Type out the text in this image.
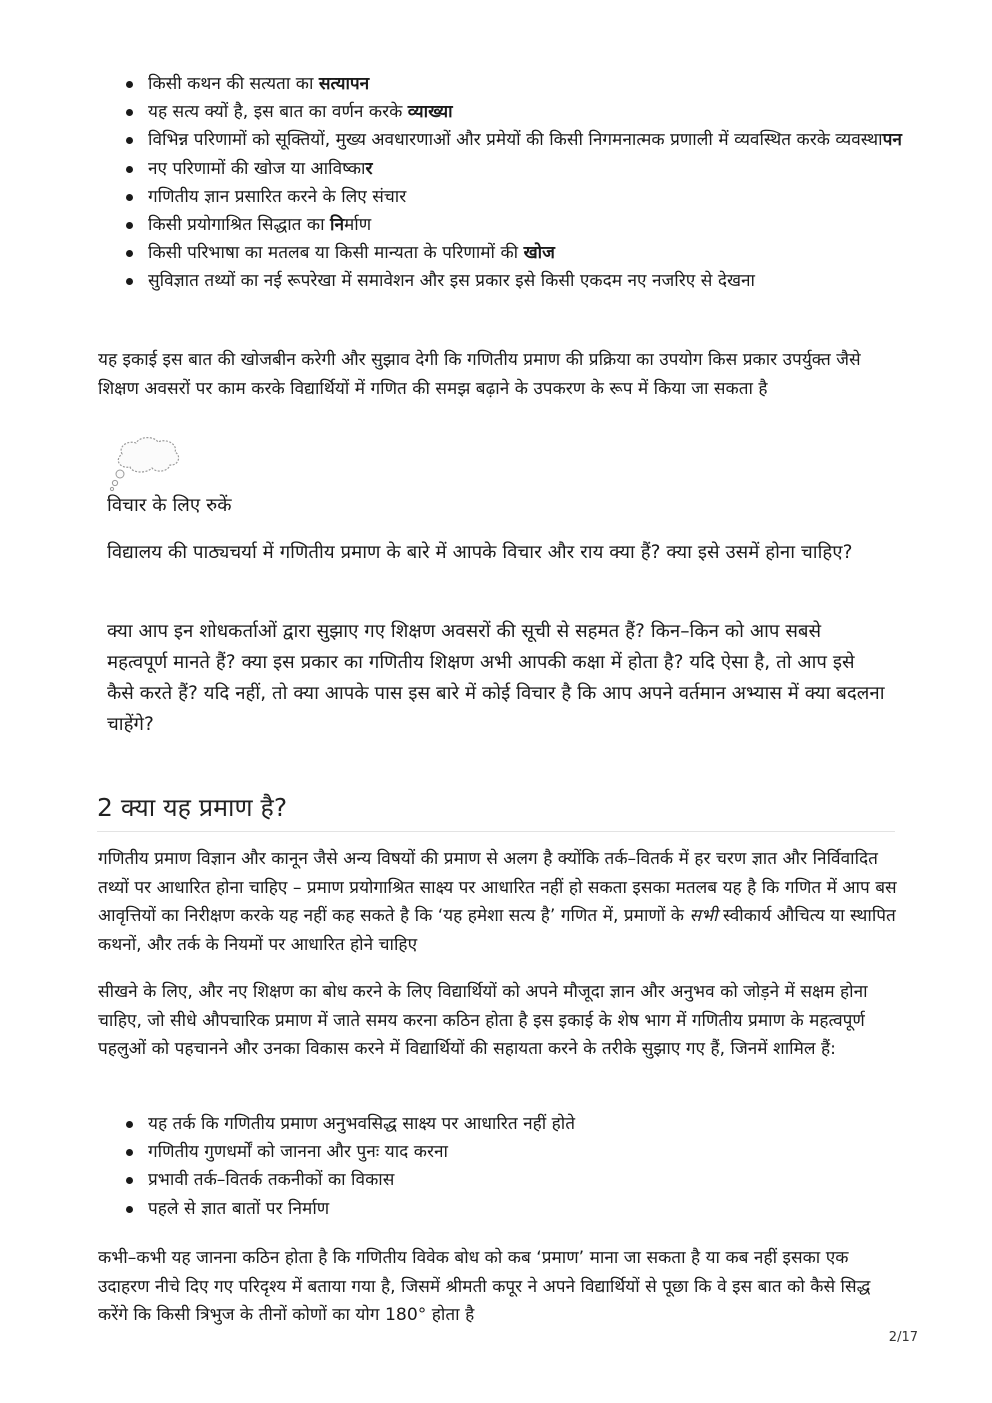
किसी कथन की सत्यता का सत्यापन
यह सत्य क्यों है, इस बात का वर्णन करके व्याख्या
विभिन्न परिणामों को सूक्तियों, मुख्य अवधारणाओं और प्रमेयों की किसी निगमनात्मक प्रणाली में व्यवस्थित करके व्यवस्थापन
नए परिणामों की खोज या आविष्कार
गणितीय ज्ञान प्रसारित करने के लिए संचार
किसी प्रयोगाश्रित सिद्धात का निर्माण
किसी परिभाषा का मतलब या किसी मान्यता के परिणामों की खोज
सुविज्ञात तथ्यों का नई रूपरेखा में समावेशन और इस प्रकार इसे किसी एकदम नए नजरिए से देखना

यह इकाई इस बात की खोजबीन करेगी और सुझाव देगी कि गणितीय प्रमाण की प्रक्रिया का उपयोग किस प्रकार उपर्युक्त जैसे शिक्षण अवसरों पर काम करके विद्यार्थियों में गणित की समझ बढ़ाने के उपकरण के रूप में किया जा सकता है

विचार के लिए रुकें

विद्यालय की पाठ्यचर्या में गणितीय प्रमाण के बारे में आपके विचार और राय क्या हैं? क्या इसे उसमें होना चाहिए?

क्या आप इन शोधकर्ताओं द्वारा सुझाए गए शिक्षण अवसरों की सूची से सहमत हैं? किन–किन को आप सबसे महत्वपूर्ण मानते हैं? क्या इस प्रकार का गणितीय शिक्षण अभी आपकी कक्षा में होता है? यदि ऐसा है, तो आप इसे कैसे करते हैं? यदि नहीं, तो क्या आपके पास इस बारे में कोई विचार है कि आप अपने वर्तमान अभ्यास में क्या बदलना चाहेंगे?

2 क्या यह प्रमाण है?

गणितीय प्रमाण विज्ञान और कानून जैसे अन्य विषयों की प्रमाण से अलग है क्योंकि तर्क–वितर्क में हर चरण ज्ञात और निर्विवादित तथ्यों पर आधारित होना चाहिए – प्रमाण प्रयोगाश्रित साक्ष्य पर आधारित नहीं हो सकता इसका मतलब यह है कि गणित में आप बस आवृत्तियों का निरीक्षण करके यह नहीं कह सकते है कि ‘यह हमेशा सत्य है’ गणित में, प्रमाणों के सभी स्वीकार्य औचित्य या स्थापित कथनों, और तर्क के नियमों पर आधारित होने चाहिए

सीखने के लिए, और नए शिक्षण का बोध करने के लिए विद्यार्थियों को अपने मौजूदा ज्ञान और अनुभव को जोड़ने में सक्षम होना चाहिए, जो सीधे औपचारिक प्रमाण में जाते समय करना कठिन होता है इस इकाई के शेष भाग में गणितीय प्रमाण के महत्वपूर्ण पहलुओं को पहचानने और उनका विकास करने में विद्यार्थियों की सहायता करने के तरीके सुझाए गए हैं, जिनमें शामिल हैं:

यह तर्क कि गणितीय प्रमाण अनुभवसिद्ध साक्ष्य पर आधारित नहीं होते
गणितीय गुणधर्मों को जानना और पुनः याद करना
प्रभावी तर्क–वितर्क तकनीकों का विकास
पहले से ज्ञात बातों पर निर्माण

कभी–कभी यह जानना कठिन होता है कि गणितीय विवेक बोध को कब ‘प्रमाण’ माना जा सकता है या कब नहीं इसका एक उदाहरण नीचे दिए गए परिदृश्य में बताया गया है, जिसमें श्रीमती कपूर ने अपने विद्यार्थियों से पूछा कि वे इस बात को कैसे सिद्ध करेंगे कि किसी त्रिभुज के तीनों कोणों का योग 180° होता है

2/17
